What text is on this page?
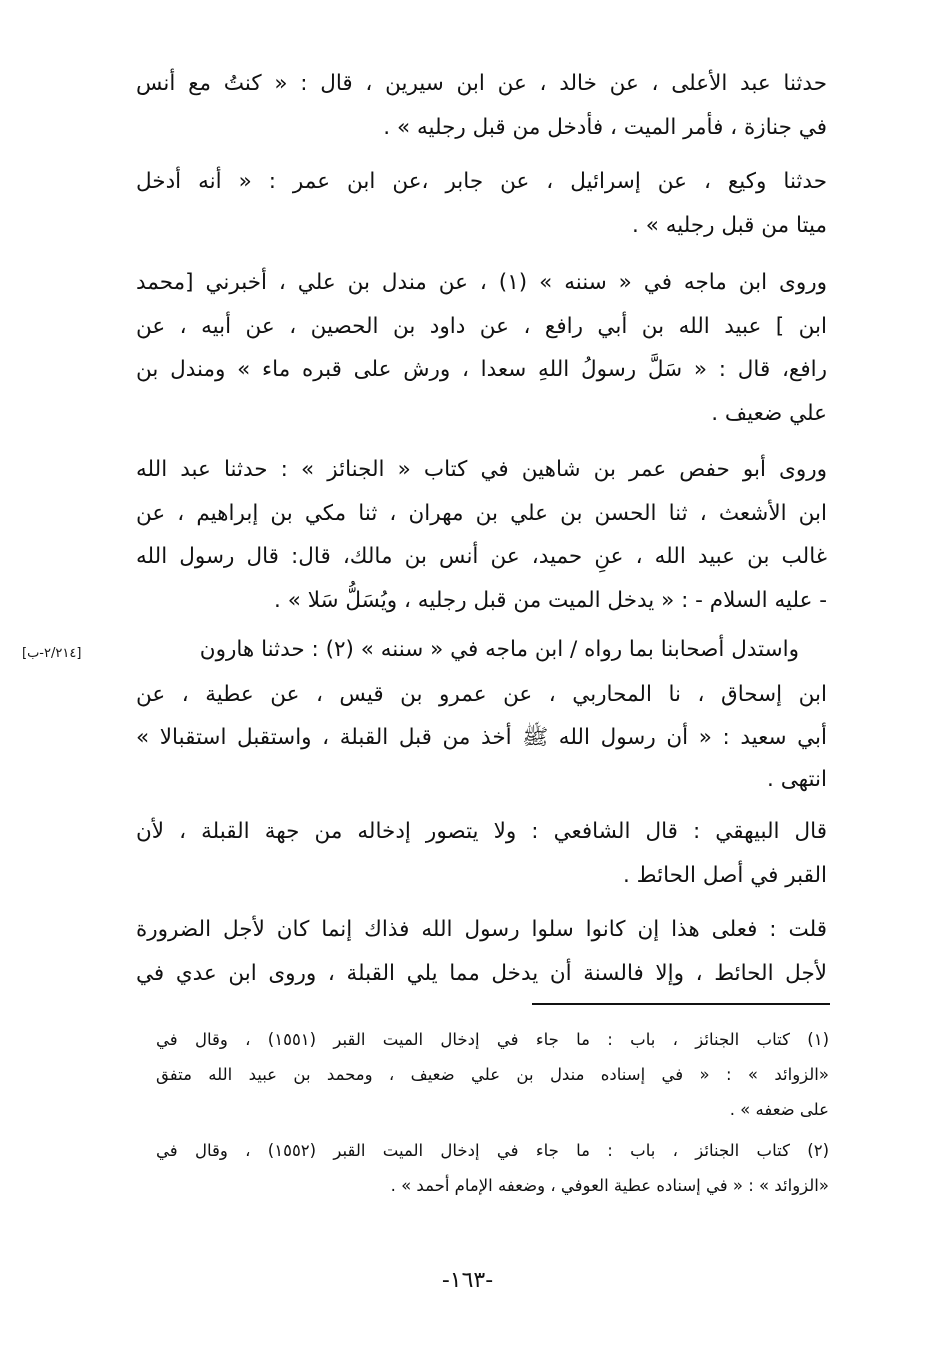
حدثنا عبد الأعلى ، عن خالد ، عن ابن سيرين ، قال : « كنتُ مع أنس
في جنازة ، فأمر الميت ، فأدخل من قبل رجليه » .
حدثنا وكيع ، عن إسرائيل ، عن جابر ،عن ابن عمر : « أنه أدخل
ميتا من قبل رجليه » .
وروى ابن ماجه في « سننه » (١) ، عن مندل بن علي ، أخبرني [محمد
ابن ] عبيد الله بن أبي رافع ، عن داود بن الحصين ، عن أبيه ، عن
رافع، قال : « سَلَّ رسولُ اللهِ سعدا ، ورش على قبره ماء » ومندل بن
علي ضعيف .
وروى أبو حفص عمر بن شاهين في كتاب « الجنائز » : حدثنا عبد الله
ابن الأشعث ، ثنا الحسن بن علي بن مهران ، ثنا مكي بن إبراهيم ، عن
غالب بن عبيد الله ، عنِ حميد، عن أنس بن مالك، قال: قال رسول الله
- عليه السلام - : « يدخل الميت من قبل رجليه ، ويُسَلُّ سَلا » .
واستدل أصحابنا بما رواه / ابن ماجه في « سننه » (٢) : حدثنا هارون
[٢/٢١٤-ب]
ابن إسحاق ، نا المحاربي ، عن عمرو بن قيس ، عن عطية ، عن
أبي سعيد : « أن رسول الله ﷺ أخذ من قبل القبلة ، واستقبل استقبالا »
انتهى .
قال البيهقي : قال الشافعي : ولا يتصور إدخاله من جهة القبلة ، لأن
القبر في أصل الحائط .
قلت : فعلى هذا إن كانوا سلوا رسول الله فذاك إنما كان لأجل الضرورة
لأجل الحائط ، وإلا فالسنة أن يدخل مما يلي القبلة ، وروى ابن عدي في
(١) كتاب الجنائز ، باب : ما جاء في إدخال الميت القبر (١٥٥١) ، وقال في
«الزوائد » : « في إسناده مندل بن علي ضعيف ، ومحمد بن عبيد الله متفق
على ضعفه » .
(٢) كتاب الجنائز ، باب : ما جاء في إدخال الميت القبر (١٥٥٢) ، وقال في
«الزوائد » : « في إسناده عطية العوفي ، وضعفه الإمام أحمد » .
-١٦٣-
